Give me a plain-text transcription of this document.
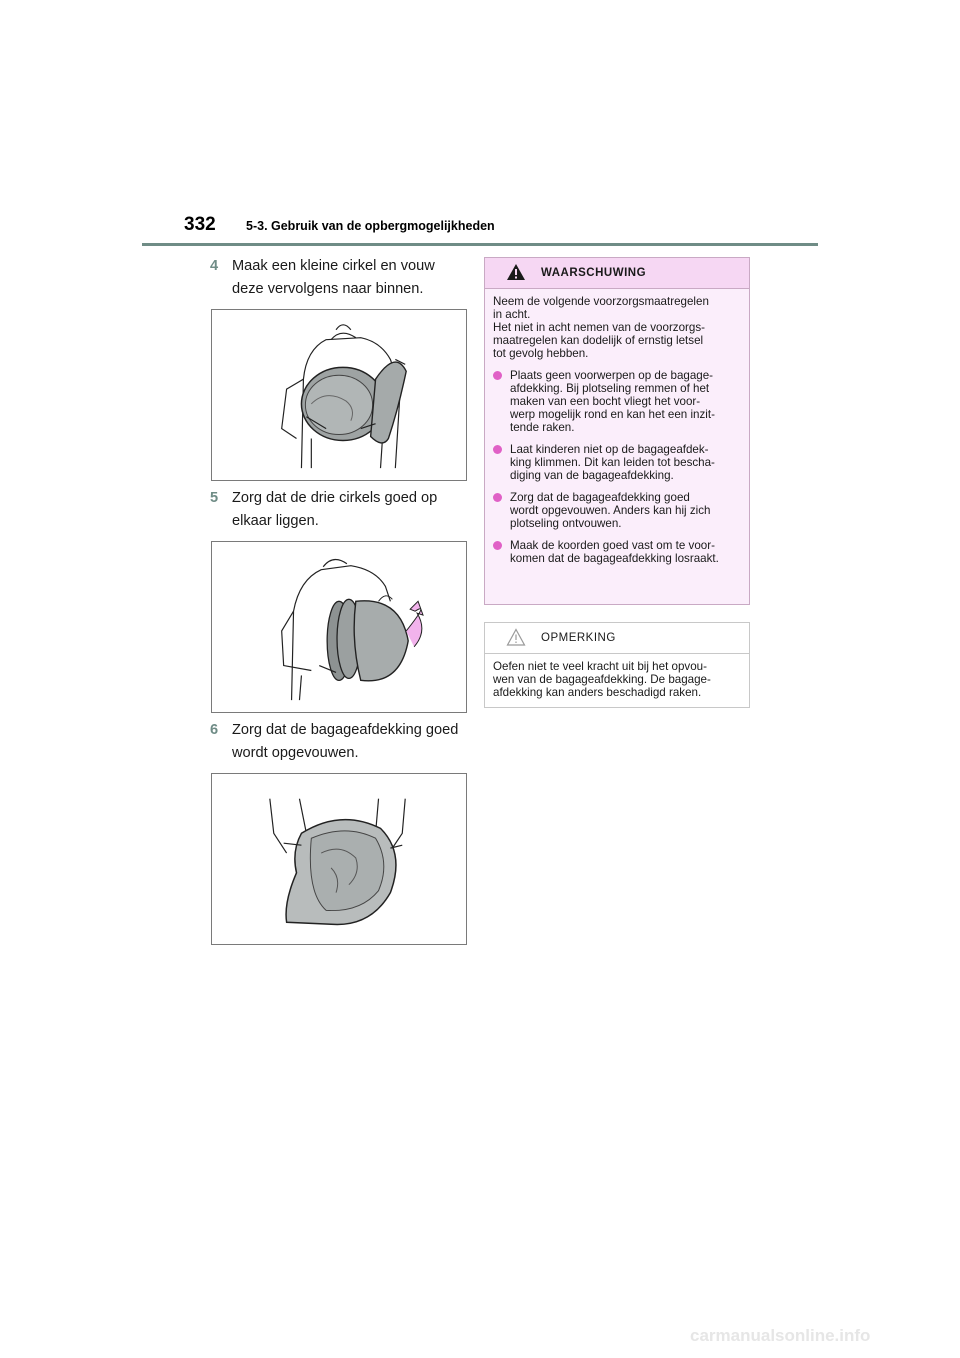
332 5-3. Gebruik van de opbergmogelijkheden
4 Maak een kleine cirkel en vouw
deze vervolgens naar binnen.
5 Zorg dat de drie cirkels goed op
elkaar liggen.
6 Zorg dat de bagageafdekking goed
wordt opgevouwen.
WAARSCHUWING

Neem de volgende voorzorgsmaatregelen

in acht.

Het niet in acht nemen van de voorzorgs-

maatregelen kan dodelijk of ernstig letsel

tot gevolg hebben.

Plaats geen voorwerpen op de bagage-

afdekking. Bij plotseling remmen of het

maken van een bocht vliegt het voor-

werp mogelijk rond en kan het een inzit-

tende raken.

Laat kinderen niet op de bagageafdek-

king klimmen. Dit kan leiden tot bescha-

diging van de bagageafdekking.

Zorg dat de bagageafdekking goed

wordt opgevouwen. Anders kan hij zich

plotseling ontvouwen.

Maak de koorden goed vast om te voor-

komen dat de bagageafdekking losraakt.

OPMERKING

Oefen niet te veel kracht uit bij het opvou-

wen van de bagageafdekking. De bagage-

afdekking kan anders beschadigd raken.

carmanualsonline.info
